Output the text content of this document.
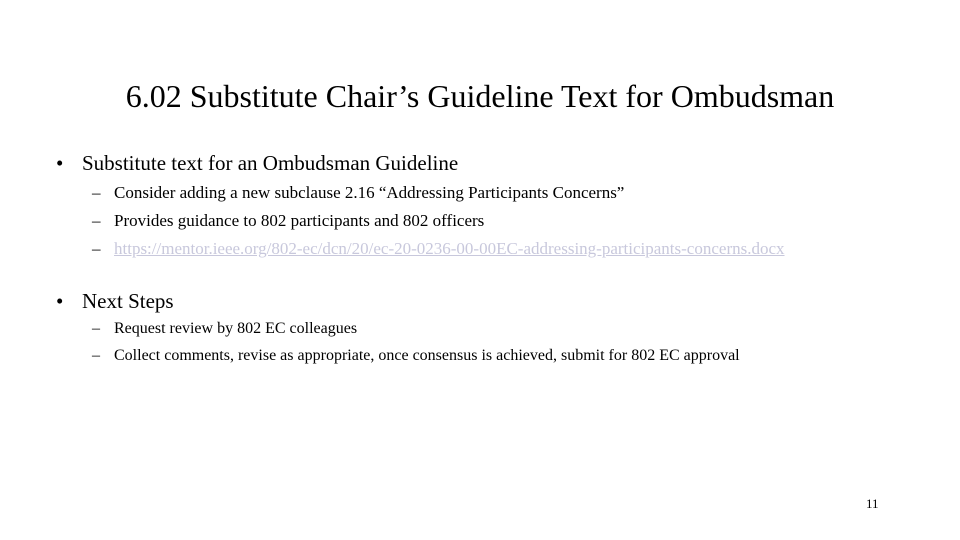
6.02 Substitute Chair’s Guideline Text for Ombudsman
• Substitute text for an Ombudsman Guideline
– Consider adding a new subclause 2.16 “Addressing Participants Concerns”
– Provides guidance to 802 participants and 802 officers
– https://mentor.ieee.org/802-ec/dcn/20/ec-20-0236-00-00EC-addressing-participants-concerns.docx
• Next Steps
– Request review by 802 EC colleagues
– Collect comments, revise as appropriate, once consensus is achieved, submit for 802 EC approval
11
